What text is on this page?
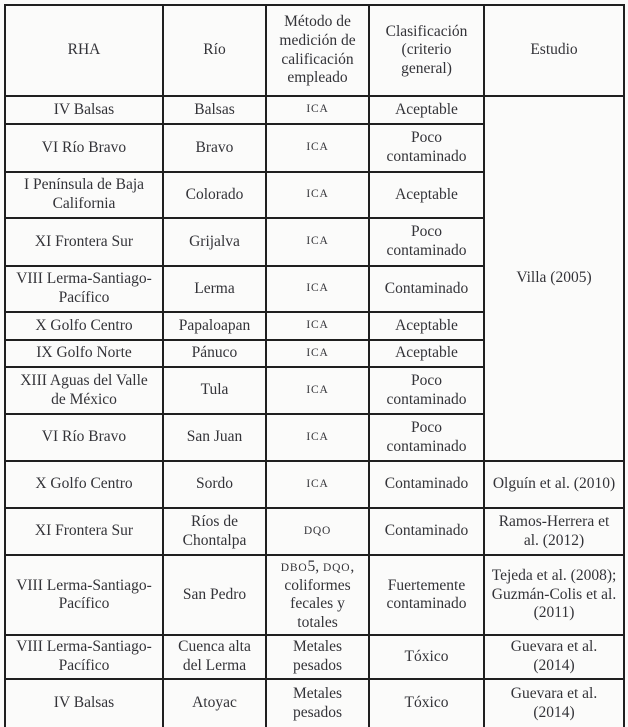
RHA	Río	Método de medición de calificación empleado	Clasificación (criterio general)	Estudio
IV Balsas	Balsas	ICA	Aceptable	Villa (2005)
VI Río Bravo	Bravo	ICA	Poco contaminado	
I Península de Baja California	Colorado	ICA	Aceptable	
XI Frontera Sur	Grijalva	ICA	Poco contaminado	
VIII Lerma-Santiago-Pacífico	Lerma	ICA	Contaminado	
X Golfo Centro	Papaloapan	ICA	Aceptable	
IX Golfo Norte	Pánuco	ICA	Aceptable	
XIII Aguas del Valle de México	Tula	ICA	Poco contaminado	
VI Río Bravo	San Juan	ICA	Poco contaminado	
X Golfo Centro	Sordo	ICA	Contaminado	Olguín et al. (2010)
XI Frontera Sur	Ríos de Chontalpa	DQO	Contaminado	Ramos-Herrera et al. (2012)
VIII Lerma-Santiago-Pacífico	San Pedro	DBO5, DQO, coliformes fecales y totales	Fuertemente contaminado	Tejeda et al. (2008); Guzmán-Colis et al. (2011)
VIII Lerma-Santiago-Pacífico	Cuenca alta del Lerma	Metales pesados	Tóxico	Guevara et al. (2014)
IV Balsas	Atoyac	Metales pesados	Tóxico	Guevara et al. (2014)
